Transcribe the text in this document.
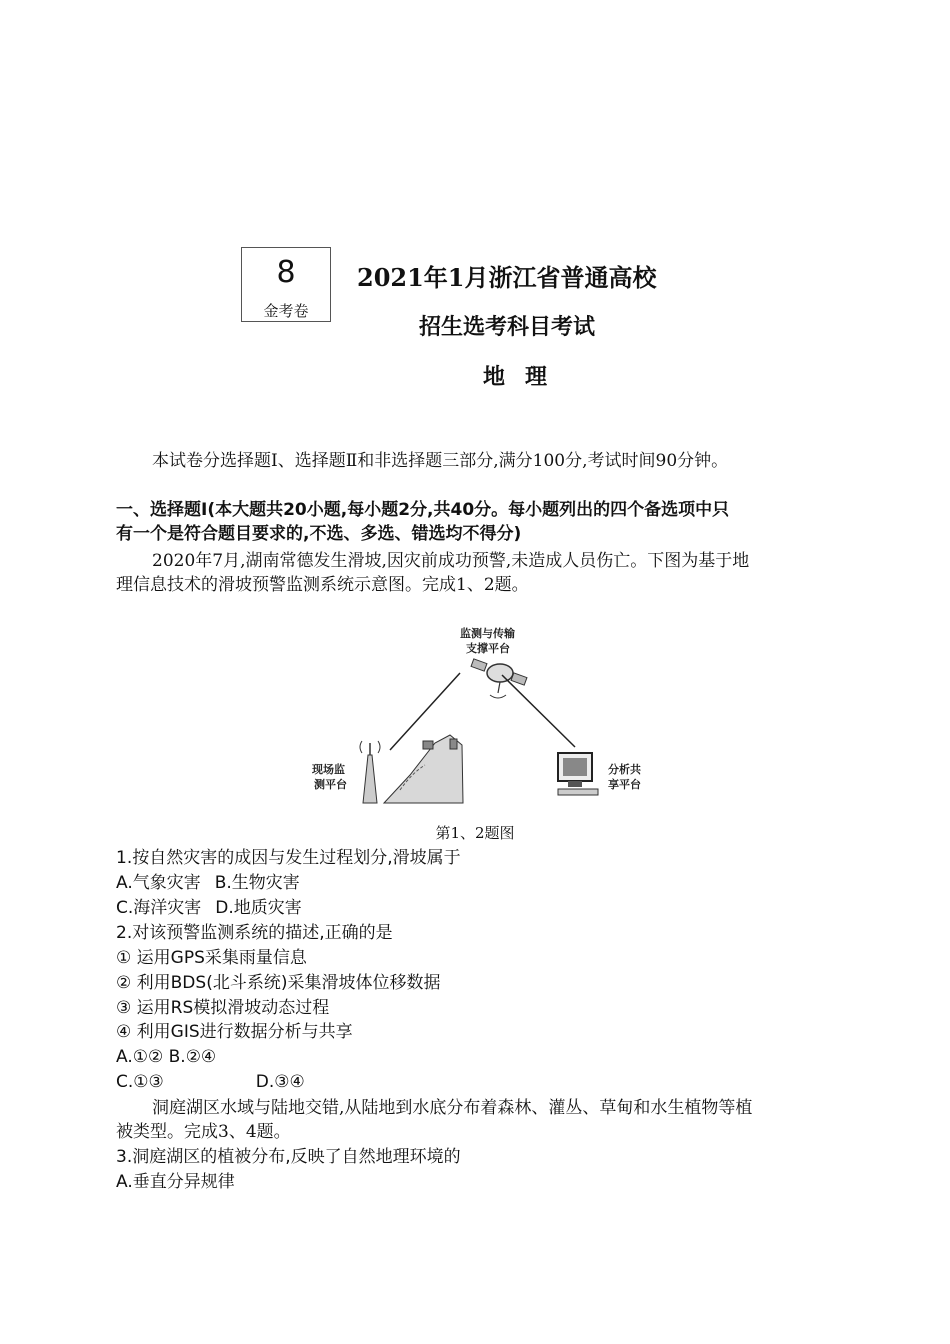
8
金考卷
2021年1月浙江省普通高校
招生选考科目考试
地理
本试卷分选择题Ⅰ、选择题Ⅱ和非选择题三部分,满分100分,考试时间90分钟。
一、选择题Ⅰ(本大题共20小题,每小题2分,共40分。每小题列出的四个备选项中只
有一个是符合题目要求的,不选、多选、错选均不得分)
2020年7月,湖南常德发生滑坡,因灾前成功预警,未造成人员伤亡。下图为基于地
理信息技术的滑坡预警监测系统示意图。完成1、2题。
监测与传输
支撑平台
现场监
测平台
分析共
享平台
第1、2题图
1.按自然灾害的成因与发生过程划分,滑坡属于
A.气象灾害 B.生物灾害
C.海洋灾害 D.地质灾害
2.对该预警监测系统的描述,正确的是
① 运用GPS采集雨量信息
② 利用BDS(北斗系统)采集滑坡体位移数据
③ 运用RS模拟滑坡动态过程
④ 利用GIS进行数据分析与共享
A.①② B.②④
C.①③	D.③④
洞庭湖区水域与陆地交错,从陆地到水底分布着森林、灌丛、草甸和水生植物等植
被类型。完成3、4题。
3.洞庭湖区的植被分布,反映了自然地理环境的
A.垂直分异规律
